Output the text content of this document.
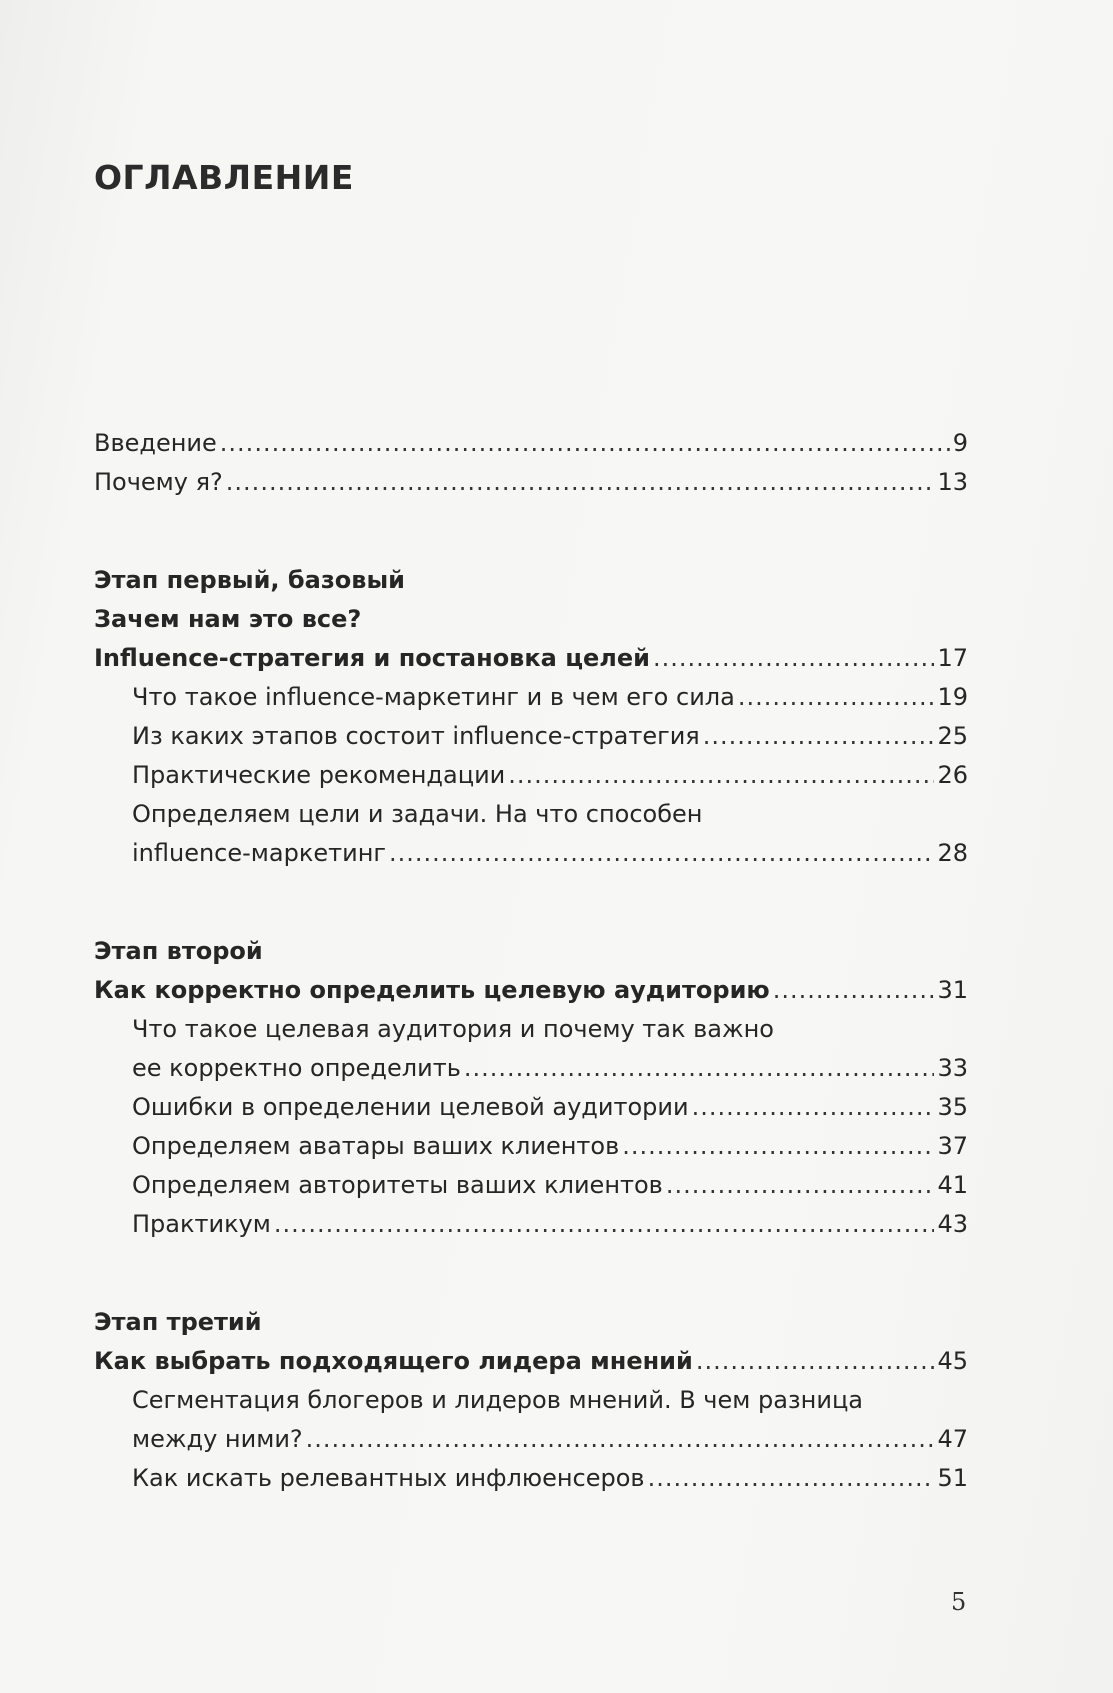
ОГЛАВЛЕНИЕ
Введение .....	9
Почему я? .....	13
Этап первый, базовый
Зачем нам это все?
Influence-стратегия и постановка целей .....	17
Что такое influence-маркетинг и в чем его сила .....	19
Из каких этапов состоит influence-стратегия .....	25
Практические рекомендации .....	26
Определяем цели и задачи. На что способен
influence-маркетинг .....	28
Этап второй
Как корректно определить целевую аудиторию .....	31
Что такое целевая аудитория и почему так важно
ее корректно определить .....	33
Ошибки в определении целевой аудитории .....	35
Определяем аватары ваших клиентов .....	37
Определяем авторитеты ваших клиентов .....	41
Практикум .....	43
Этап третий
Как выбрать подходящего лидера мнений .....	45
Сегментация блогеров и лидеров мнений. В чем разница
между ними? .....	47
Как искать релевантных инфлюенсеров .....	51
5
